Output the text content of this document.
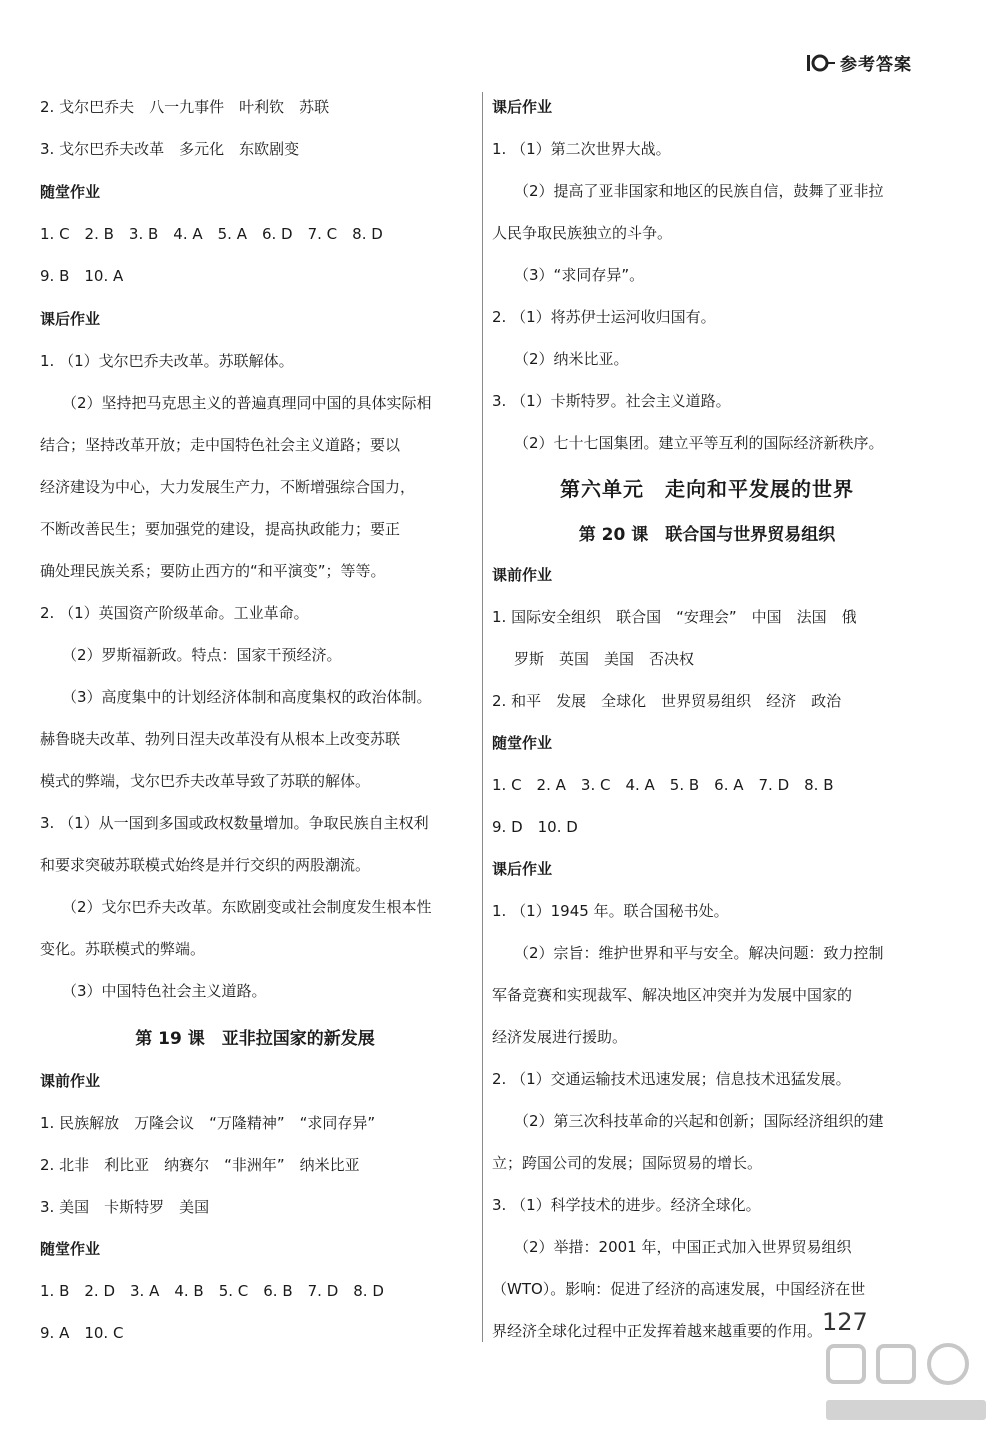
参考答案
2. 戈尔巴乔夫　八一九事件　叶利钦　苏联
3. 戈尔巴乔夫改革　多元化　东欧剧变
随堂作业
1. C　2. B　3. B　4. A　5. A　6. D　7. C　8. D
9. B　10. A
课后作业
1. （1）戈尔巴乔夫改革。苏联解体。
（2）坚持把马克思主义的普遍真理同中国的具体实际相
结合；坚持改革开放；走中国特色社会主义道路；要以
经济建设为中心，大力发展生产力，不断增强综合国力，
不断改善民生；要加强党的建设，提高执政能力；要正
确处理民族关系；要防止西方的“和平演变”；等等。
2. （1）英国资产阶级革命。工业革命。
（2）罗斯福新政。特点：国家干预经济。
（3）高度集中的计划经济体制和高度集权的政治体制。
赫鲁晓夫改革、勃列日涅夫改革没有从根本上改变苏联
模式的弊端，戈尔巴乔夫改革导致了苏联的解体。
3. （1）从一国到多国或政权数量增加。争取民族自主权利
和要求突破苏联模式始终是并行交织的两股潮流。
（2）戈尔巴乔夫改革。东欧剧变或社会制度发生根本性
变化。苏联模式的弊端。
（3）中国特色社会主义道路。
第 19 课　亚非拉国家的新发展
课前作业
1. 民族解放　万隆会议　“万隆精神”　“求同存异”
2. 北非　利比亚　纳赛尔　“非洲年”　纳米比亚
3. 美国　卡斯特罗　美国
随堂作业
1. B　2. D　3. A　4. B　5. C　6. B　7. D　8. D
9. A　10. C
课后作业
1. （1）第二次世界大战。
（2）提高了亚非国家和地区的民族自信，鼓舞了亚非拉
人民争取民族独立的斗争。
（3）“求同存异”。
2. （1）将苏伊士运河收归国有。
（2）纳米比亚。
3. （1）卡斯特罗。社会主义道路。
（2）七十七国集团。建立平等互利的国际经济新秩序。
第六单元　走向和平发展的世界
第 20 课　联合国与世界贸易组织
课前作业
1. 国际安全组织　联合国　“安理会”　中国　法国　俄
罗斯　英国　美国　否决权
2. 和平　发展　全球化　世界贸易组织　经济　政治
随堂作业
1. C　2. A　3. C　4. A　5. B　6. A　7. D　8. B
9. D　10. D
课后作业
1. （1）1945 年。联合国秘书处。
（2）宗旨：维护世界和平与安全。解决问题：致力控制
军备竞赛和实现裁军、解决地区冲突并为发展中国家的
经济发展进行援助。
2. （1）交通运输技术迅速发展；信息技术迅猛发展。
（2）第三次科技革命的兴起和创新；国际经济组织的建
立；跨国公司的发展；国际贸易的增长。
3. （1）科学技术的进步。经济全球化。
（2）举措：2001 年，中国正式加入世界贸易组织
（WTO）。影响：促进了经济的高速发展，中国经济在世
界经济全球化过程中正发挥着越来越重要的作用。 127
